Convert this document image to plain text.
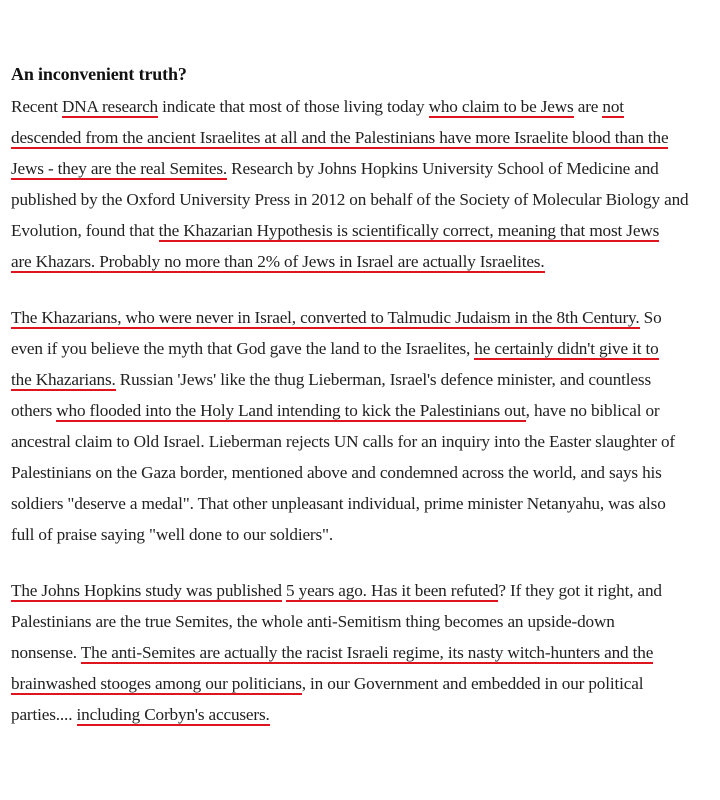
An inconvenient truth?
Recent DNA research indicate that most of those living today who claim to be Jews are not
descended from the ancient Israelites at all and the Palestinians have more Israelite blood than the
Jews - they are the real Semites. Research by Johns Hopkins University School of Medicine and
published by the Oxford University Press in 2012 on behalf of the Society of Molecular Biology and
Evolution, found that the Khazarian Hypothesis is scientifically correct, meaning that most Jews
are Khazars. Probably no more than 2% of Jews in Israel are actually Israelites.
The Khazarians, who were never in Israel, converted to Talmudic Judaism in the 8th Century. So
even if you believe the myth that God gave the land to the Israelites, he certainly didn't give it to
the Khazarians. Russian 'Jews' like the thug Lieberman, Israel's defence minister, and countless
others who flooded into the Holy Land intending to kick the Palestinians out, have no biblical or
ancestral claim to Old Israel. Lieberman rejects UN calls for an inquiry into the Easter slaughter of
Palestinians on the Gaza border, mentioned above and condemned across the world, and says his
soldiers "deserve a medal". That other unpleasant individual, prime minister Netanyahu, was also
full of praise saying "well done to our soldiers".
The Johns Hopkins study was published 5 years ago. Has it been refuted? If they got it right, and
Palestinians are the true Semites, the whole anti-Semitism thing becomes an upside-down
nonsense. The anti-Semites are actually the racist Israeli regime, its nasty witch-hunters and the
brainwashed stooges among our politicians, in our Government and embedded in our political
parties.... including Corbyn's accusers.
